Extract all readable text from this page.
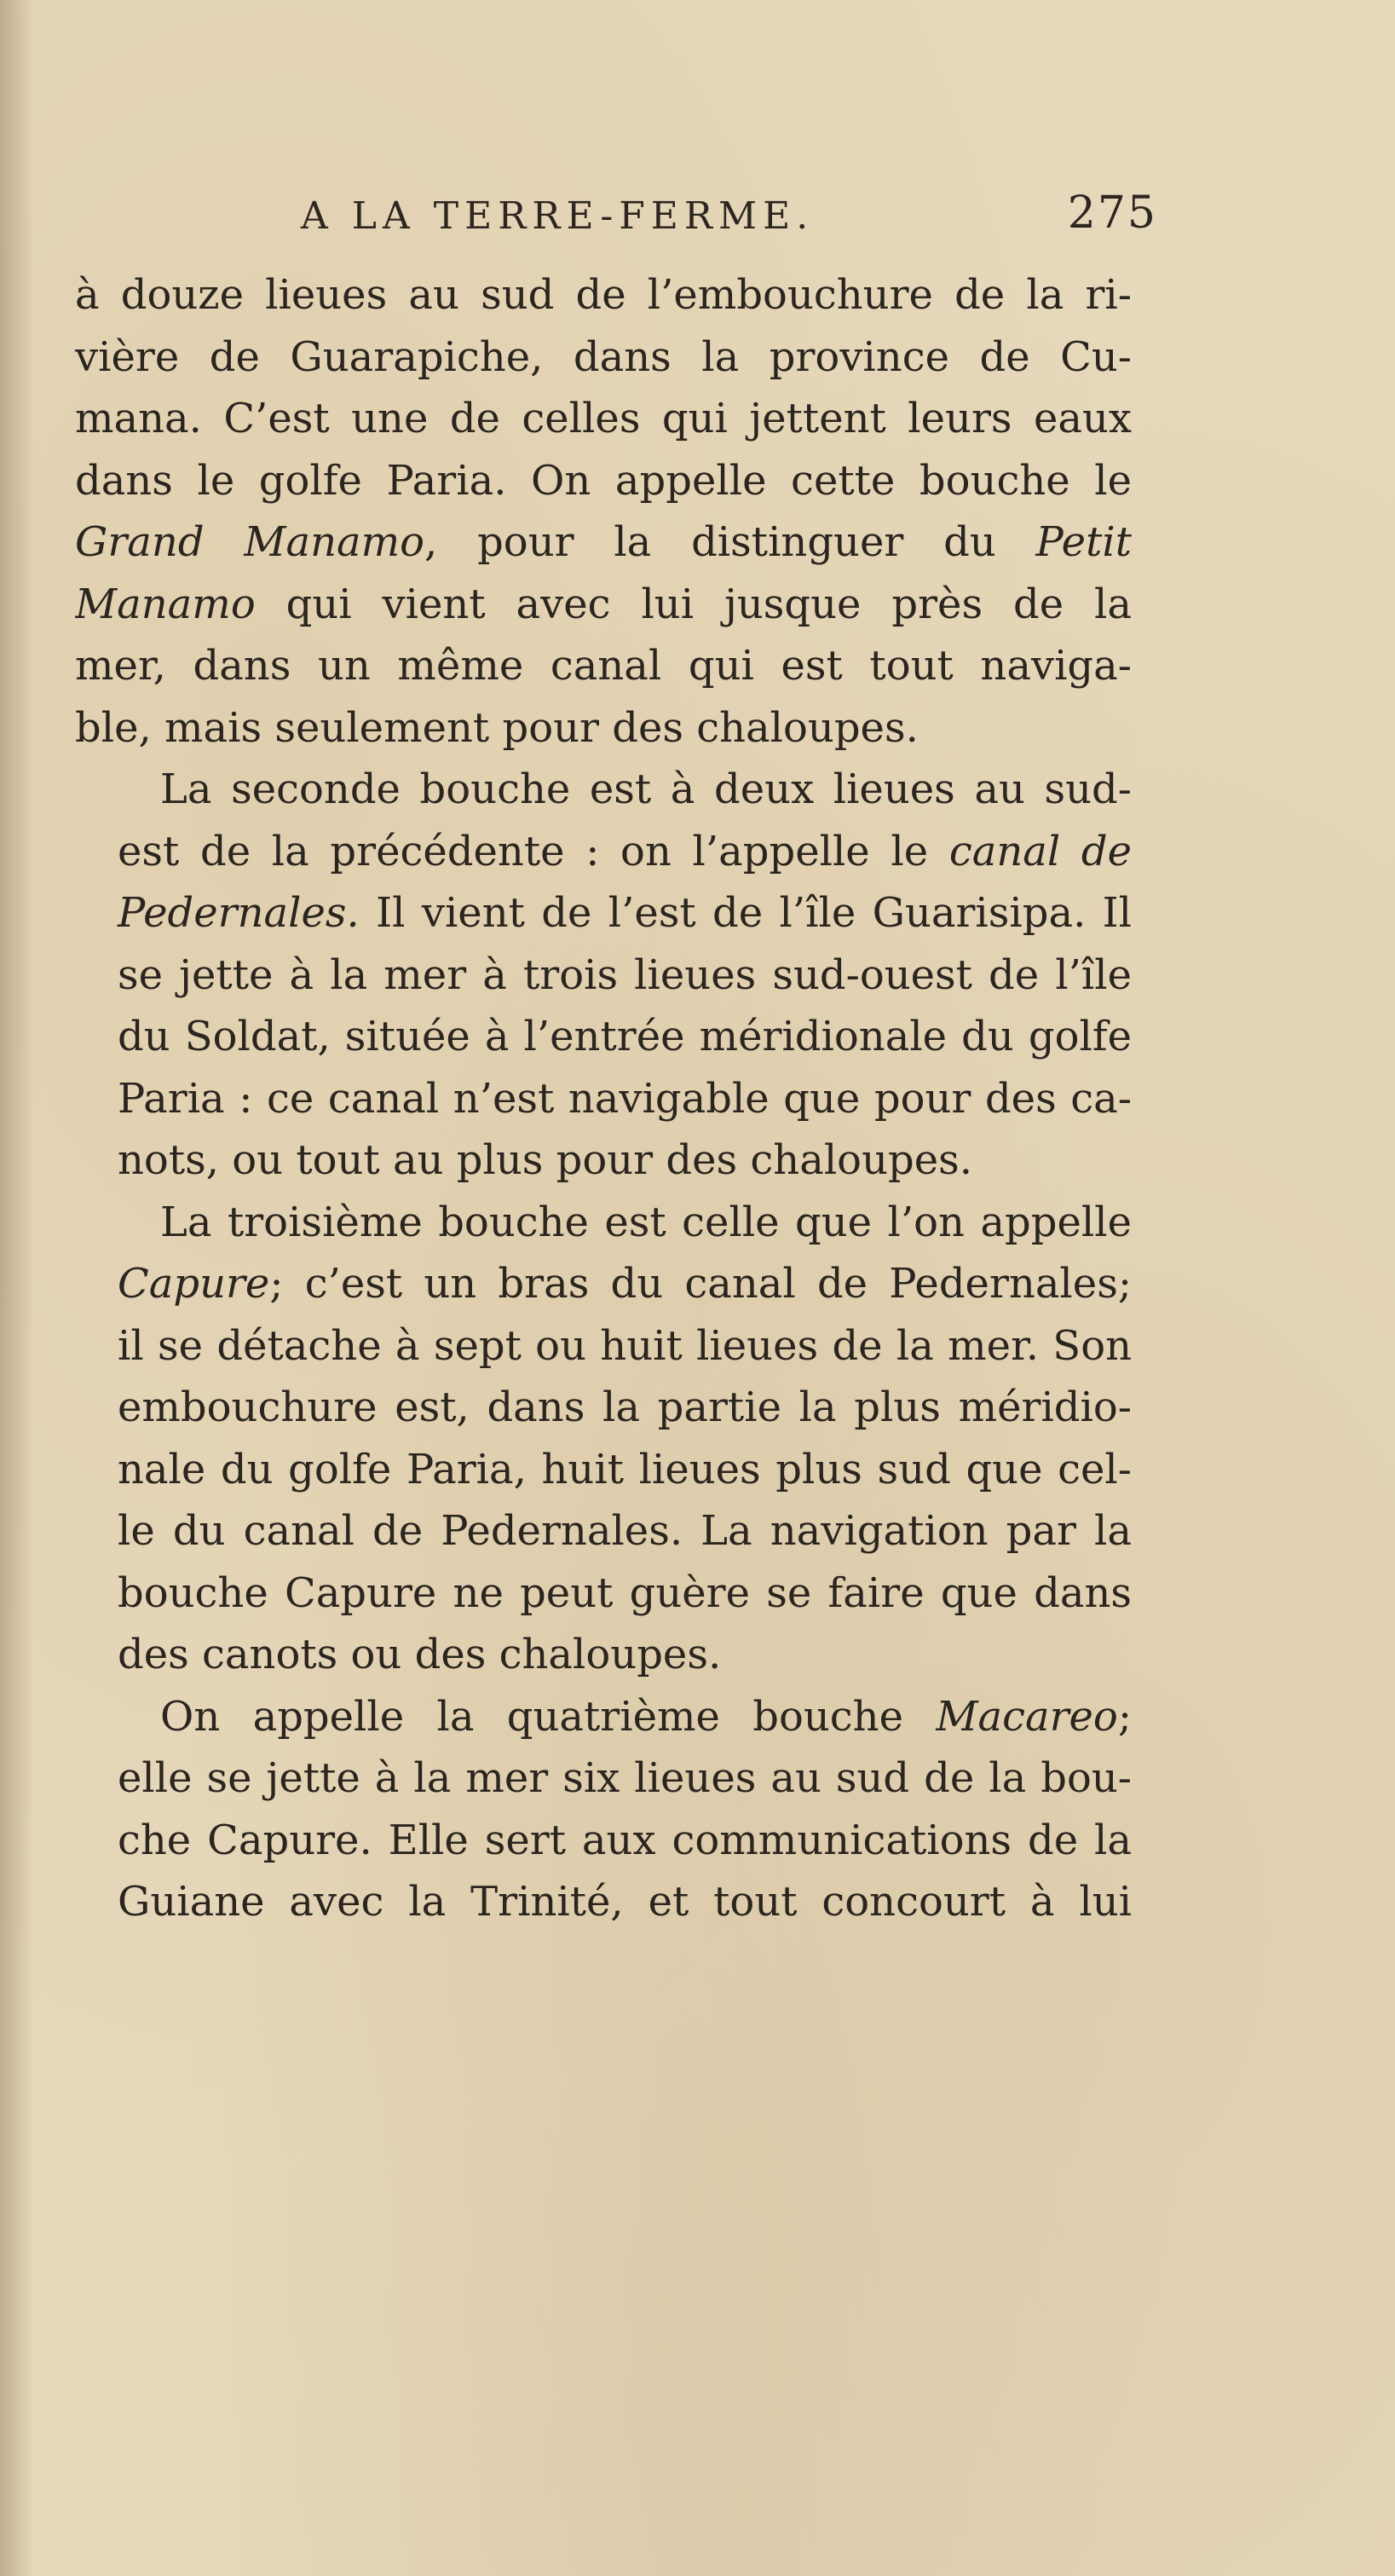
A LA TERRE-FERME.	275

à douze lieues au sud de l’embouchure de la ri-
vière de Guarapiche, dans la province de Cu-
mana. C’est une de celles qui jettent leurs eaux
dans le golfe Paria. On appelle cette bouche le
Grand Manamo, pour la distinguer du Petit
Manamo qui vient avec lui jusque près de la
mer, dans un même canal qui est tout naviga-
ble, mais seulement pour des chaloupes.

La seconde bouche est à deux lieues au sud-
est de la précédente : on l’appelle le canal de
Pedernales. Il vient de l’est de l’île Guarisipa. Il
se jette à la mer à trois lieues sud-ouest de l’île
du Soldat, située à l’entrée méridionale du golfe
Paria : ce canal n’est navigable que pour des ca-
nots, ou tout au plus pour des chaloupes.

La troisième bouche est celle que l’on appelle
Capure; c’est un bras du canal de Pedernales;
il se détache à sept ou huit lieues de la mer. Son
embouchure est, dans la partie la plus méridio-
nale du golfe Paria, huit lieues plus sud que cel-
le du canal de Pedernales. La navigation par la
bouche Capure ne peut guère se faire que dans
des canots ou des chaloupes.

On appelle la quatrième bouche Macareo;
elle se jette à la mer six lieues au sud de la bou-
che Capure. Elle sert aux communications de la
Guiane avec la Trinité, et tout concourt à lui
